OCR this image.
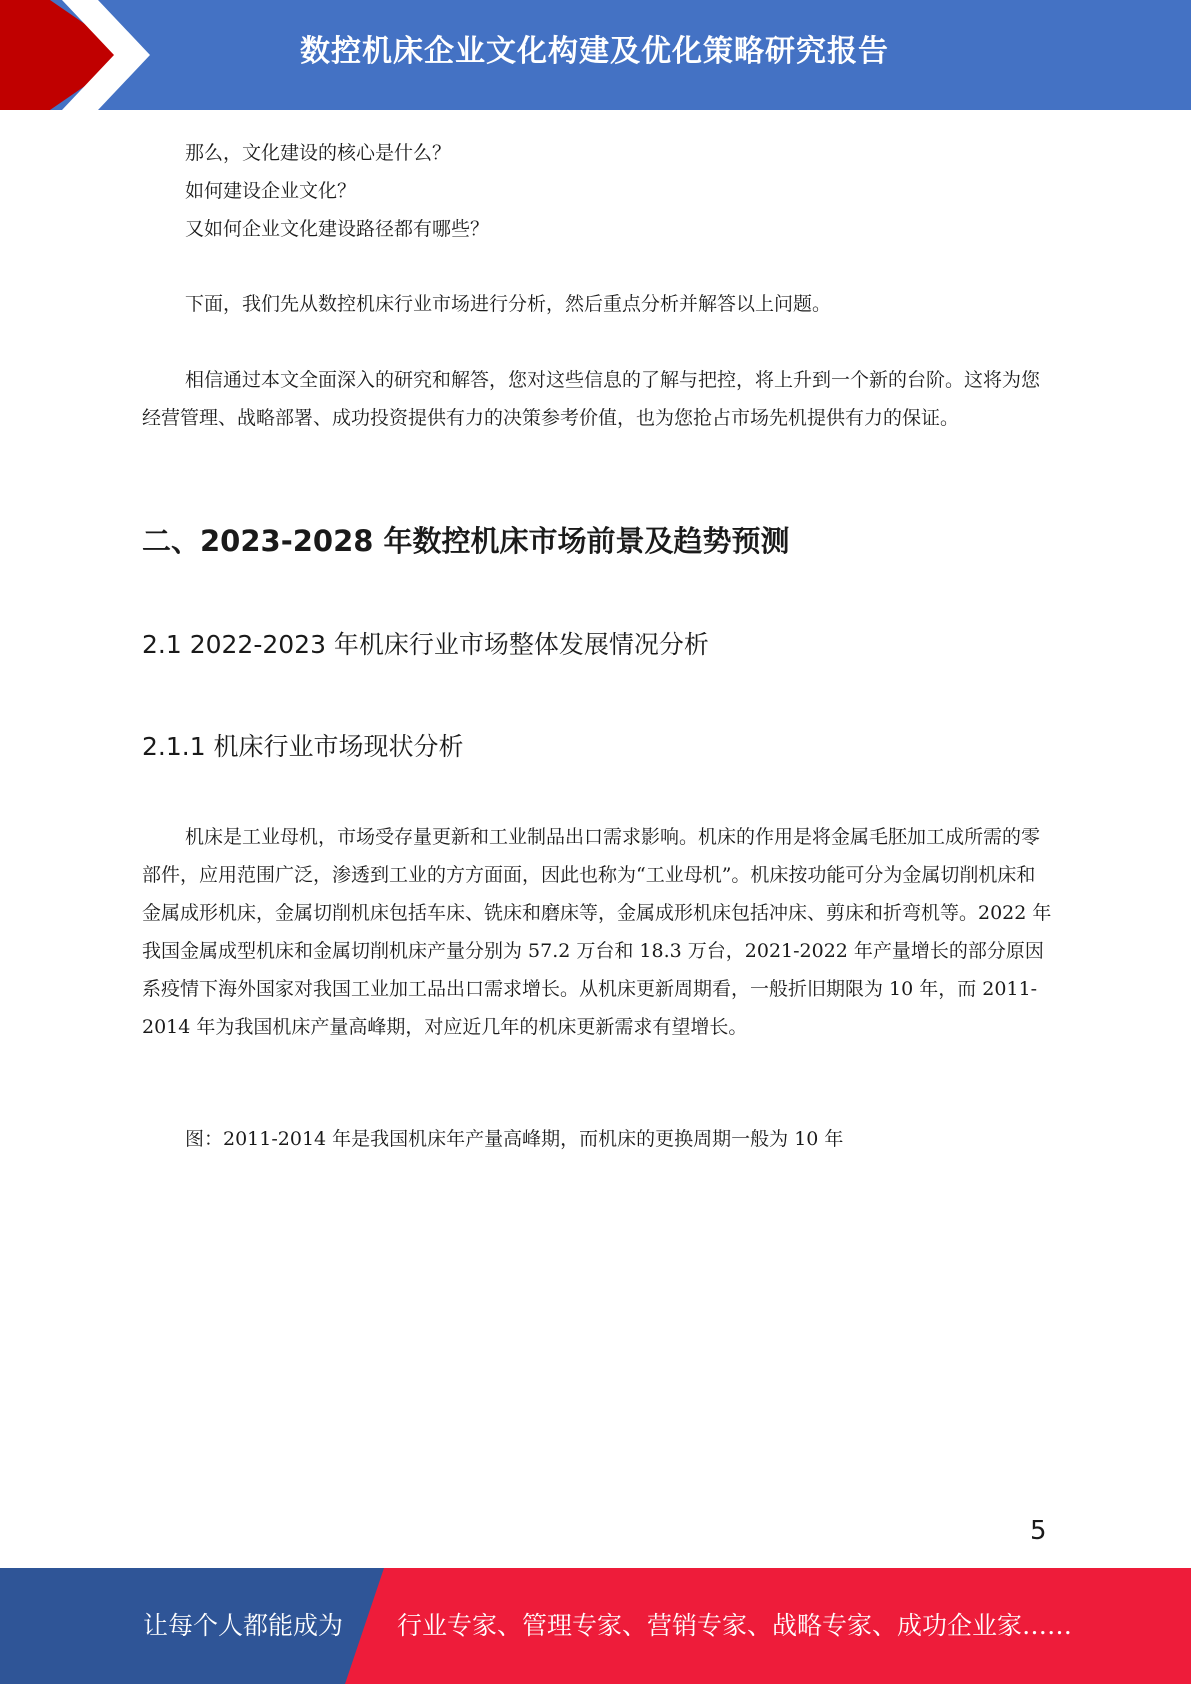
数控机床企业文化构建及优化策略研究报告

那么，文化建设的核心是什么？

如何建设企业文化？

又如何企业文化建设路径都有哪些？

下面，我们先从数控机床行业市场进行分析，然后重点分析并解答以上问题。

相信通过本文全面深入的研究和解答，您对这些信息的了解与把控，将上升到一个新的台阶。这将为您经营管理、战略部署、成功投资提供有力的决策参考价值，也为您抢占市场先机提供有力的保证。

二、2023-2028 年数控机床市场前景及趋势预测
2.1 2022-2023 年机床行业市场整体发展情况分析
2.1.1 机床行业市场现状分析

机床是工业母机，市场受存量更新和工业制品出口需求影响。机床的作用是将金属毛胚加工成所需的零部件，应用范围广泛，渗透到工业的方方面面，因此也称为“工业母机”。机床按功能可分为金属切削机床和金属成形机床，金属切削机床包括车床、铣床和磨床等，金属成形机床包括冲床、剪床和折弯机等。2022 年我国金属成型机床和金属切削机床产量分别为 57.2 万台和 18.3 万台，2021-2022 年产量增长的部分原因系疫情下海外国家对我国工业加工品出口需求增长。从机床更新周期看，一般折旧期限为 10 年，而 2011-2014 年为我国机床产量高峰期，对应近几年的机床更新需求有望增长。

图：2011-2014 年是我国机床年产量高峰期，而机床的更换周期一般为 10 年

5
让每个人都能成为 行业专家、管理专家、营销专家、战略专家、成功企业家……
